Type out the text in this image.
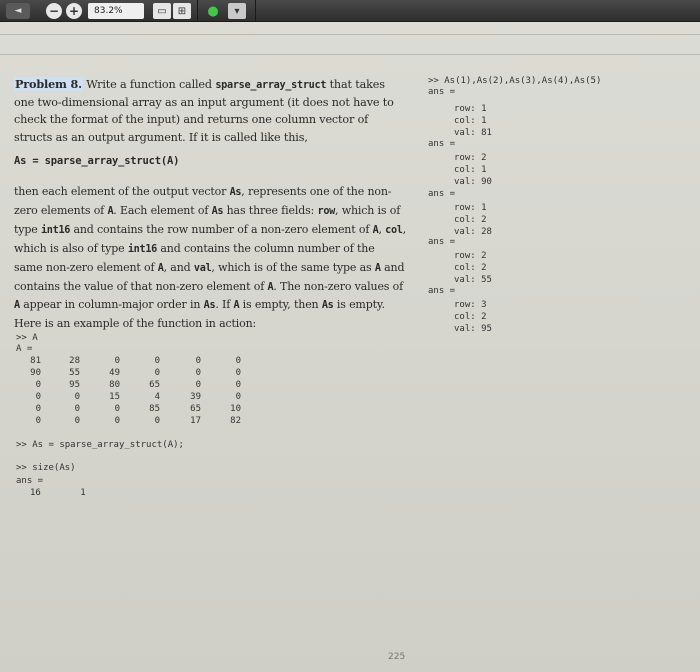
◄ − +	83.2%	▭	⊞	●	▾
Problem 8. Write a function called sparse_array_struct that takes one two-dimensional array as an input argument (it does not have to check the format of the input) and returns one column vector of structs as an output argument. If it is called like this,
As = sparse_array_struct(A)
then each element of the output vector As, represents one of the non-zero elements of A. Each element of As has three fields: row, which is of type int16 and contains the row number of a non-zero element of A, col, which is also of type int16 and contains the column number of the same non-zero element of A, and val, which is of the same type as A and contains the value of that non-zero element of A. The non-zero values of A appear in column-major order in As. If A is empty, then As is empty. Here is an example of the function in action:
>> A
A =
81	28	0	0	0	0
90	55	49	0	0	0
0	95	80	65	0	0
0	0	15	4	39	0
0	0	0	85	65	10
0	0	0	0	17	82
>> As = sparse_array_struct(A);
>> size(As)
ans =
16	1
>> As(1),As(2),As(3),As(4),As(5)
ans =
row: 1
col: 1
val: 81
ans =
row: 2
col: 1
val: 90
ans =
row: 1
col: 2
val: 28
ans =
row: 2
col: 2
val: 55
ans =
row: 3
col: 2
val: 95
225
